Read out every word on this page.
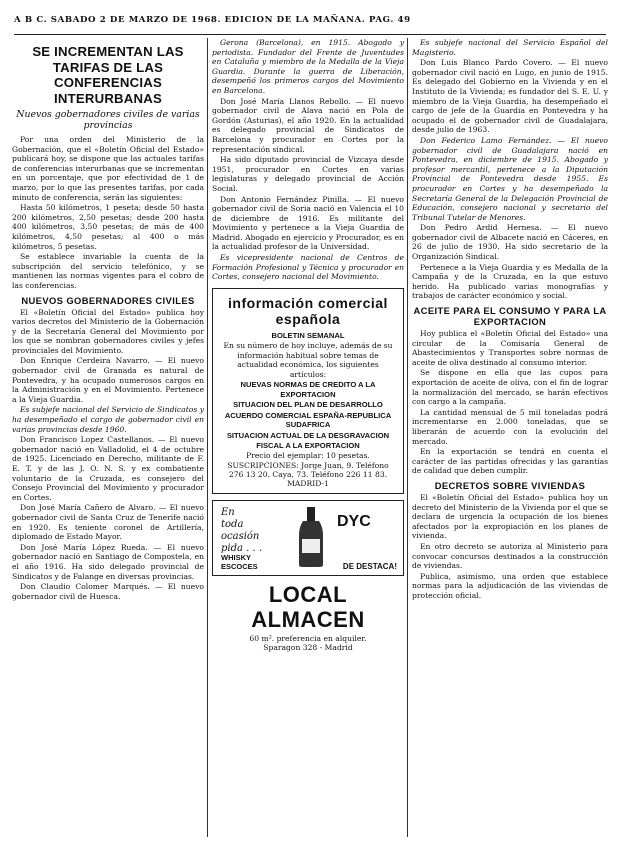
A B C. SABADO 2 DE MARZO DE 1968. EDICION DE LA MAÑANA. PAG. 49
SE INCREMENTAN LAS TARIFAS DE LAS CONFERENCIAS INTERURBANAS
Nuevos gobernadores civiles de varias provincias

Por una orden del Ministerio de la Gobernación, que el «Boletín Oficial del Estado» publicará hoy, se dispone que las actuales tarifas de conferencias interurbanas que se incrementan en un porcentaje, que por efectividad de 1 de marzo, por lo que las presentes tarifas, por cada minuto de conferencia, serán las siguientes:

Hasta 50 kilómetros, 1 peseta; desde 50 hasta 200 kilómetros, 2,50 pesetas; desde 200 hasta 400 kilómetros, 3,50 pesetas; de más de 400 kilómetros, 4,50 pesetas; al 400 o más kilómetros, 5 pesetas.

Se establece invariable la cuenta de la subscripción del servicio telefónico, y se mantienen las normas vigentes para el cobro de las conferencias.

NUEVOS GOBERNADORES CIVILES

El «Boletín Oficial del Estado» publica hoy varios decretos del Ministerio de la Gobernación y de la Secretaría General del Movimiento por los que se nombran gobernadores civiles y jefes provinciales del Movimiento.

Don Enrique Cerdeira Navarro. — El nuevo gobernador civil de Granada es natural de Pontevedra, y ha ocupado numerosos cargos en la Administración y en el Movimiento. Pertenece a la Vieja Guardia.

Es subjefe nacional del Servicio de Sindicatos y ha desempeñado el cargo de gobernador civil en varias provincias desde 1960.

Don Francisco Lopez Castellanos. — El nuevo gobernador nació en Valladolid, el 4 de octubre de 1925. Licenciado en Derecho, militante de F. E. T. y de las J. O. N. S. y ex combatiente voluntario de la Cruzada, es consejero del Consejo Provincial del Movimiento y procurador en Cortes.

Don José María Cañero de Alvaro. — El nuevo gobernador civil de Santa Cruz de Tenerife nació en 1920. Es teniente coronel de Artillería, diplomado de Estado Mayor.

Don José María López Rueda. — El nuevo gobernador nació en Santiago de Compostela, en el año 1916. Ha sido delegado provincial de Sindicatos y de Falange en diversas provincias.

Don Claudio Colomer Marqués. — El nuevo gobernador civil de Huesca.

Gerona (Barcelona), en 1915. Abogado y periodista. Fundador del Frente de Juventudes en Cataluña y miembro de la Medalla de la Vieja Guardia. Durante la guerra de Liberación, desempeñó los primeros cargos del Movimiento en Barcelona.

Don José María Llanos Rebollo. — El nuevo gobernador civil de Alava nació en Pola de Gordón (Asturias), el año 1920. En la actualidad es delegado provincial de Sindicatos de Barcelona y procurador en Cortes por la representación sindical.

Ha sido diputado provincial de Vizcaya desde 1951, procurador en Cortes en varias legislaturas y delegado provincial de Acción Social.

Don Antonio Fernández Pinilla. — El nuevo gobernador civil de Soria nació en Valencia el 10 de diciembre de 1916. Es militante del Movimiento y pertenece a la Vieja Guardia de Madrid. Abogado en ejercicio y Procurador, es en la actualidad profesor de la Universidad.

Es vicepresidente nacional de Centros de Formación Profesional y Técnica y procurador en Cortes, consejero nacional del Movimiento.

información comercial española

BOLETIN SEMANAL

En su número de hoy incluye, además de su información habitual sobre temas de actualidad económica, los siguientes artículos:

NUEVAS NORMAS DE CREDITO A LA EXPORTACION

SITUACION DEL PLAN DE DESARROLLO

ACUERDO COMERCIAL ESPAÑA-REPUBLICA SUDAFRICA

SITUACION ACTUAL DE LA DESGRAVACION FISCAL A LA EXPORTACION

Precio del ejemplar: 10 pesetas.

SUSCRIPCIONES: Jorge Juan, 9. Teléfono 276 13 20. Caya, 73. Teléfono 226 11 83. MADRID-1

En
toda
ocasión
pida . . .
DYC
WHISKY ESCOCES	DE DESTACA!
LOCAL ALMACEN

60 m². preferencia en alquiler.

Sparagon 328 - Madrid

Es subjefe nacional del Servicio Español del Magisterio.

Don Luis Blanco Pardo Covero. — El nuevo gobernador civil nació en Lugo, en junio de 1915. Es delegado del Gobierno en la Vivienda y en el Instituto de la Vivienda; es fundador del S. E. U. y miembro de la Vieja Guardia, ha desempeñado el cargo de jefe de la Guardia en Pontevedra y ha ocupado el de gobernador civil de Guadalajara, desde julio de 1963.

Don Federico Lamo Fernández. — El nuevo gobernador civil de Guadalajara nació en Pontevedra, en diciembre de 1915. Abogado y profesor mercantil, pertenece a la Diputación Provincial de Pontevedra desde 1955. Es procurador en Cortes y ha desempeñado la Secretaría General de la Delegación Provincial de Educación, consejero nacional y secretario del Tribunal Tutelar de Menores.

Don Pedro Ardid Hernesa. — El nuevo gobernador civil de Albacete nació en Cáceres, en 26 de julio de 1930. Ha sido secretario de la Organización Sindical.

Pertenece a la Vieja Guardia y es Medalla de la Campaña y de la Cruzada, en la que estuvo herido. Ha publicado varias monografías y trabajos de carácter económico y social.

ACEITE PARA EL CONSUMO Y PARA LA EXPORTACION

Hoy publica el «Boletín Oficial del Estado» una circular de la Comisaría General de Abastecimientos y Transportes sobre normas de aceite de oliva destinado al consumo interior.

Se dispone en ella que las cupos para exportación de aceite de oliva, con el fin de lograr la normalización del mercado, se harán efectivos con cargo a la campaña.

La cantidad mensual de 5 mil toneladas podrá incrementarse en 2.000 toneladas, que se liberarán de acuerdo con la evolución del mercado.

En la exportación se tendrá en cuenta el carácter de las partidas ofrecidas y las garantías de calidad que deben cumplir.

DECRETOS SOBRE VIVIENDAS

El «Boletín Oficial del Estado» publica hoy un decreto del Ministerio de la Vivienda por el que se declara de urgencia la ocupación de los bienes afectados por la expropiación en los planes de vivienda.

En otro decreto se autoriza al Ministerio para convocar concursos destinados a la construcción de viviendas.

Publica, asimismo, una orden que establece normas para la adjudicación de las viviendas de protección oficial.
